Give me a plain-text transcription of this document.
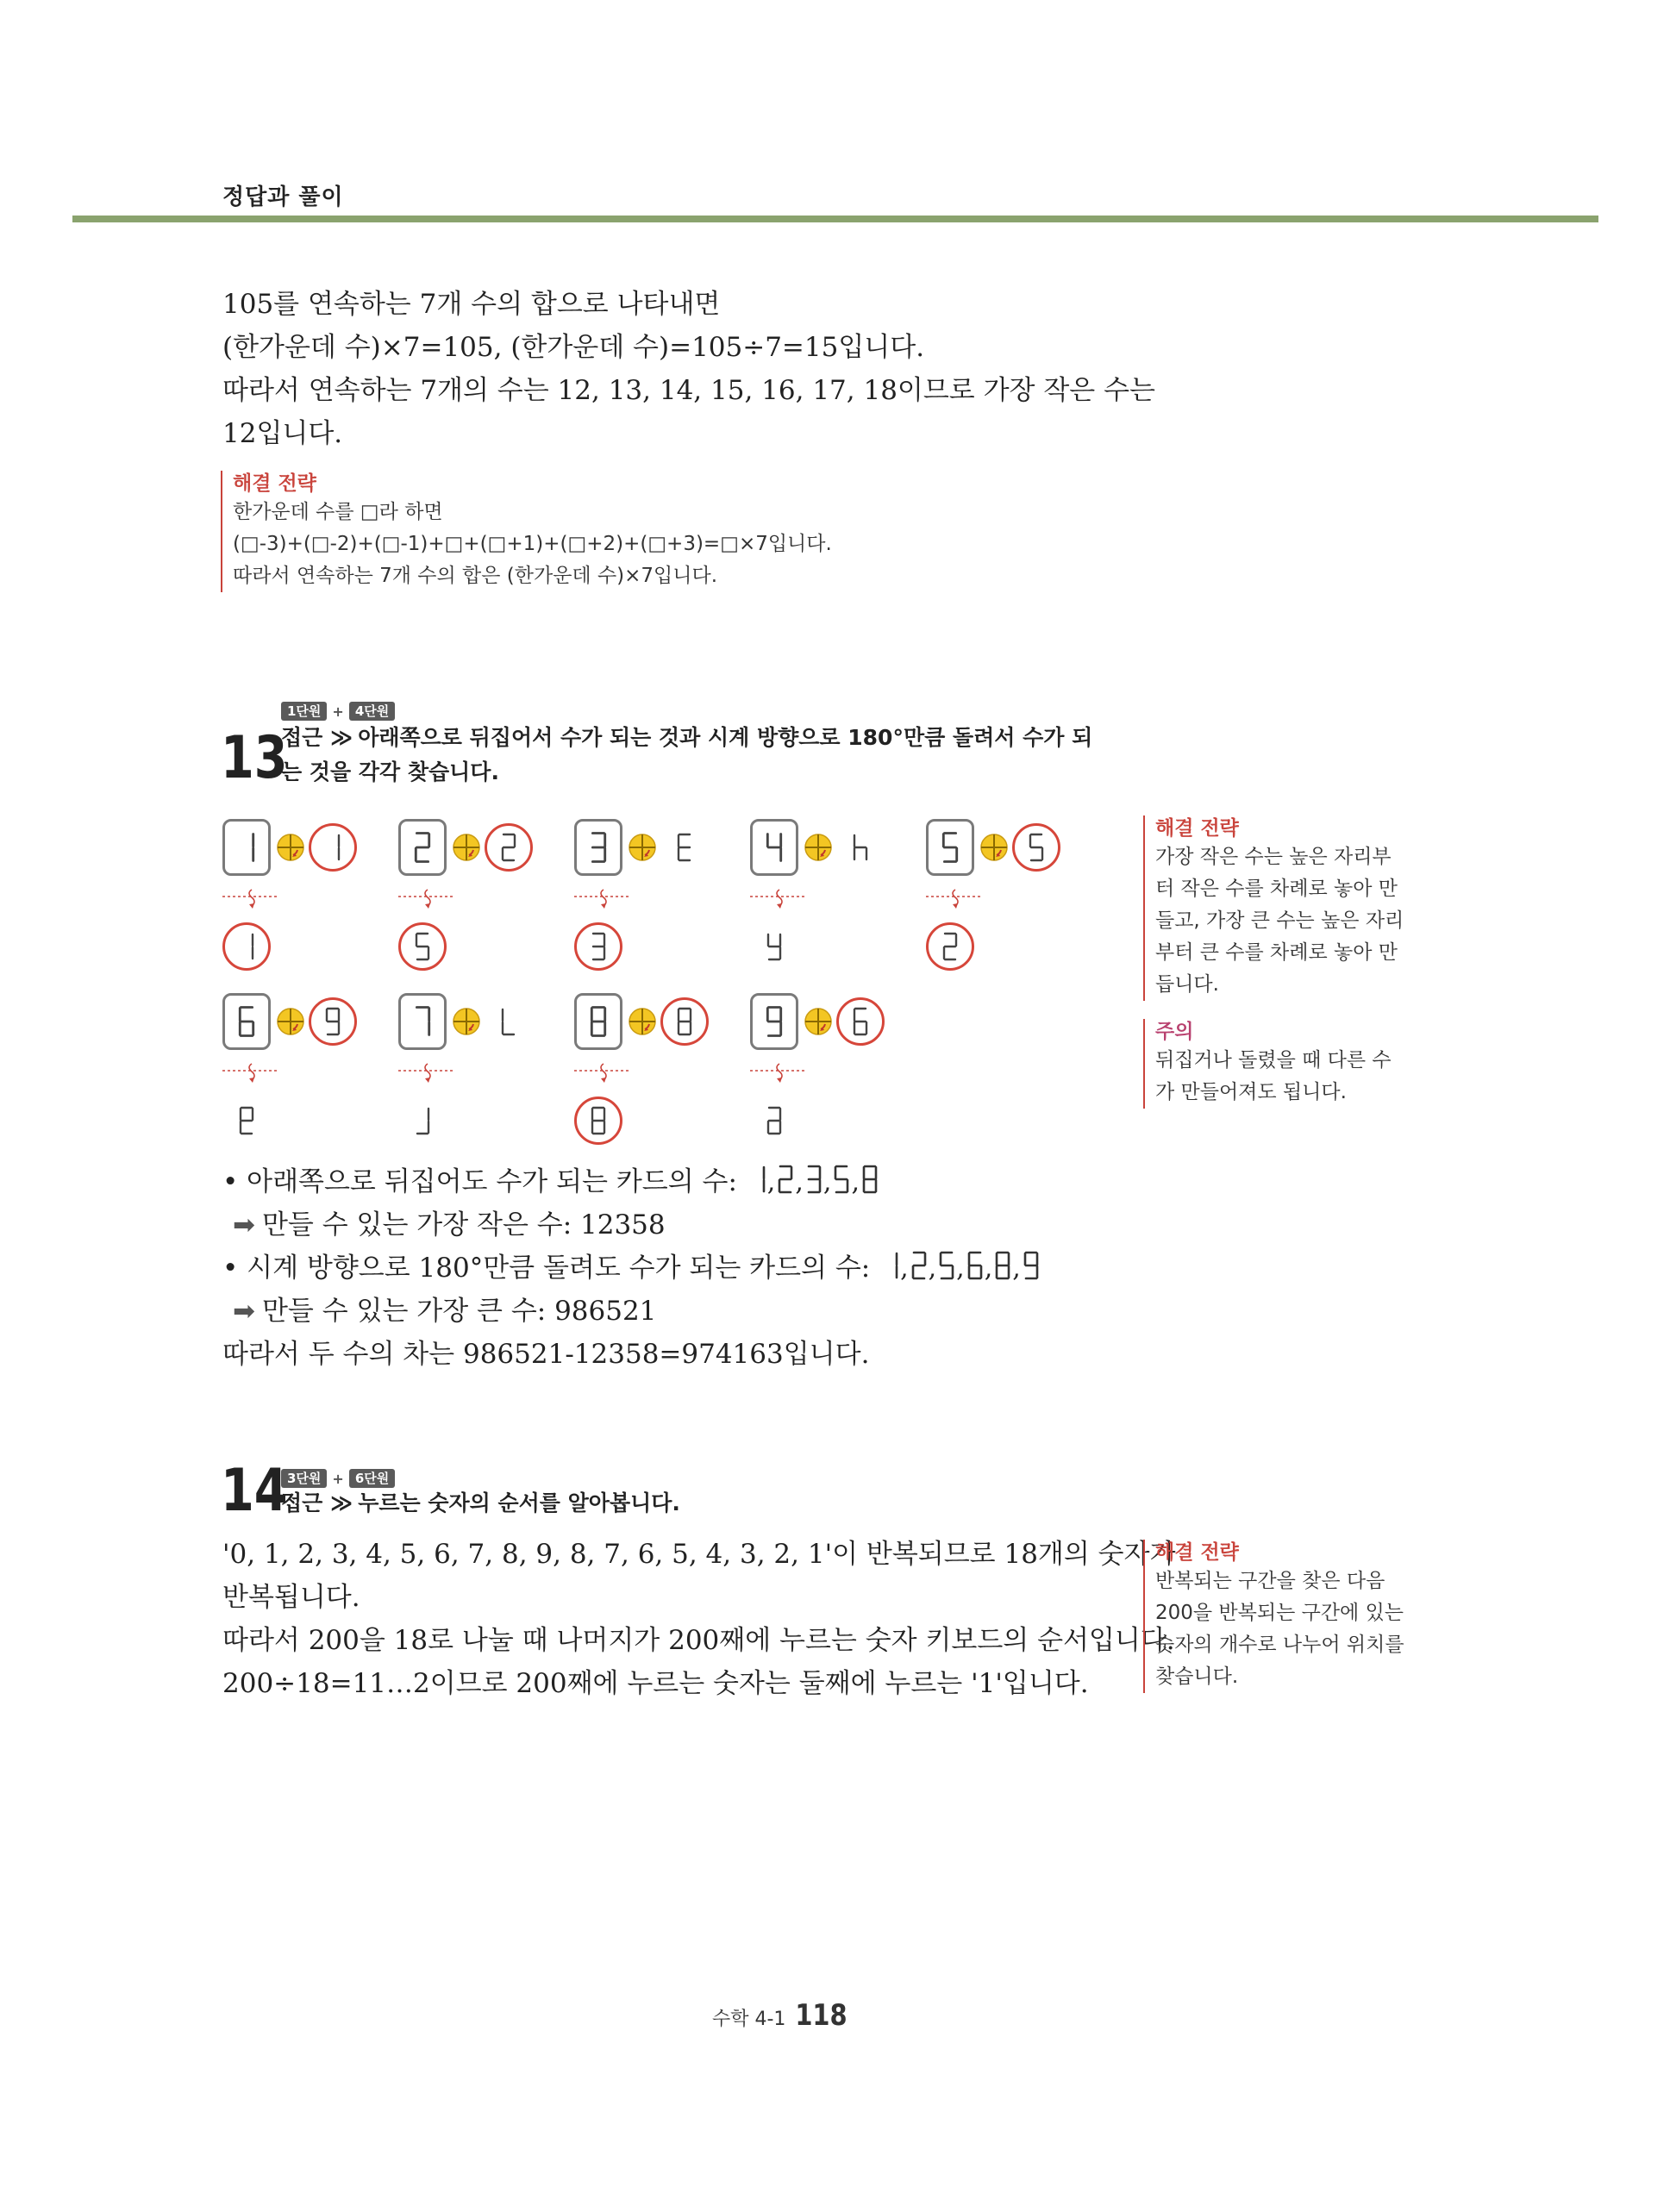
정답과 풀이
105를 연속하는 7개 수의 합으로 나타내면
(한가운데 수)×7=105, (한가운데 수)=105÷7=15입니다.
따라서 연속하는 7개의 수는 12, 13, 14, 15, 16, 17, 18이므로 가장 작은 수는
12입니다.
해결 전략
한가운데 수를 □라 하면
(□-3)+(□-2)+(□-1)+□+(□+1)+(□+2)+(□+3)=□×7입니다.
따라서 연속하는 7개 수의 합은 (한가운데 수)×7입니다.
1단원 + 4단원
13
접근 ≫ 아래쪽으로 뒤집어서 수가 되는 것과 시계 방향으로 180°만큼 돌려서 수가 되
는 것을 각각 찾습니다.
• 아래쪽으로 뒤집어도 수가 되는 카드의 수: , , , ,
➡ 만들 수 있는 가장 작은 수: 12358
• 시계 방향으로 180°만큼 돌려도 수가 되는 카드의 수: , , , , ,
➡ 만들 수 있는 가장 큰 수: 986521
따라서 두 수의 차는 986521-12358=974163입니다.
해결 전략
가장 작은 수는 높은 자리부
터 작은 수를 차례로 놓아 만
들고, 가장 큰 수는 높은 자리
부터 큰 수를 차례로 놓아 만
듭니다.
주의
뒤집거나 돌렸을 때 다른 수
가 만들어져도 됩니다.
3단원 + 6단원
14
접근 ≫ 누르는 숫자의 순서를 알아봅니다.
'0, 1, 2, 3, 4, 5, 6, 7, 8, 9, 8, 7, 6, 5, 4, 3, 2, 1'이 반복되므로 18개의 숫자가
반복됩니다.
따라서 200을 18로 나눌 때 나머지가 200째에 누르는 숫자 키보드의 순서입니다.
200÷18=11…2이므로 200째에 누르는 숫자는 둘째에 누르는 '1'입니다.
해결 전략
반복되는 구간을 찾은 다음
200을 반복되는 구간에 있는
숫자의 개수로 나누어 위치를
찾습니다.
수학 4-1 118
